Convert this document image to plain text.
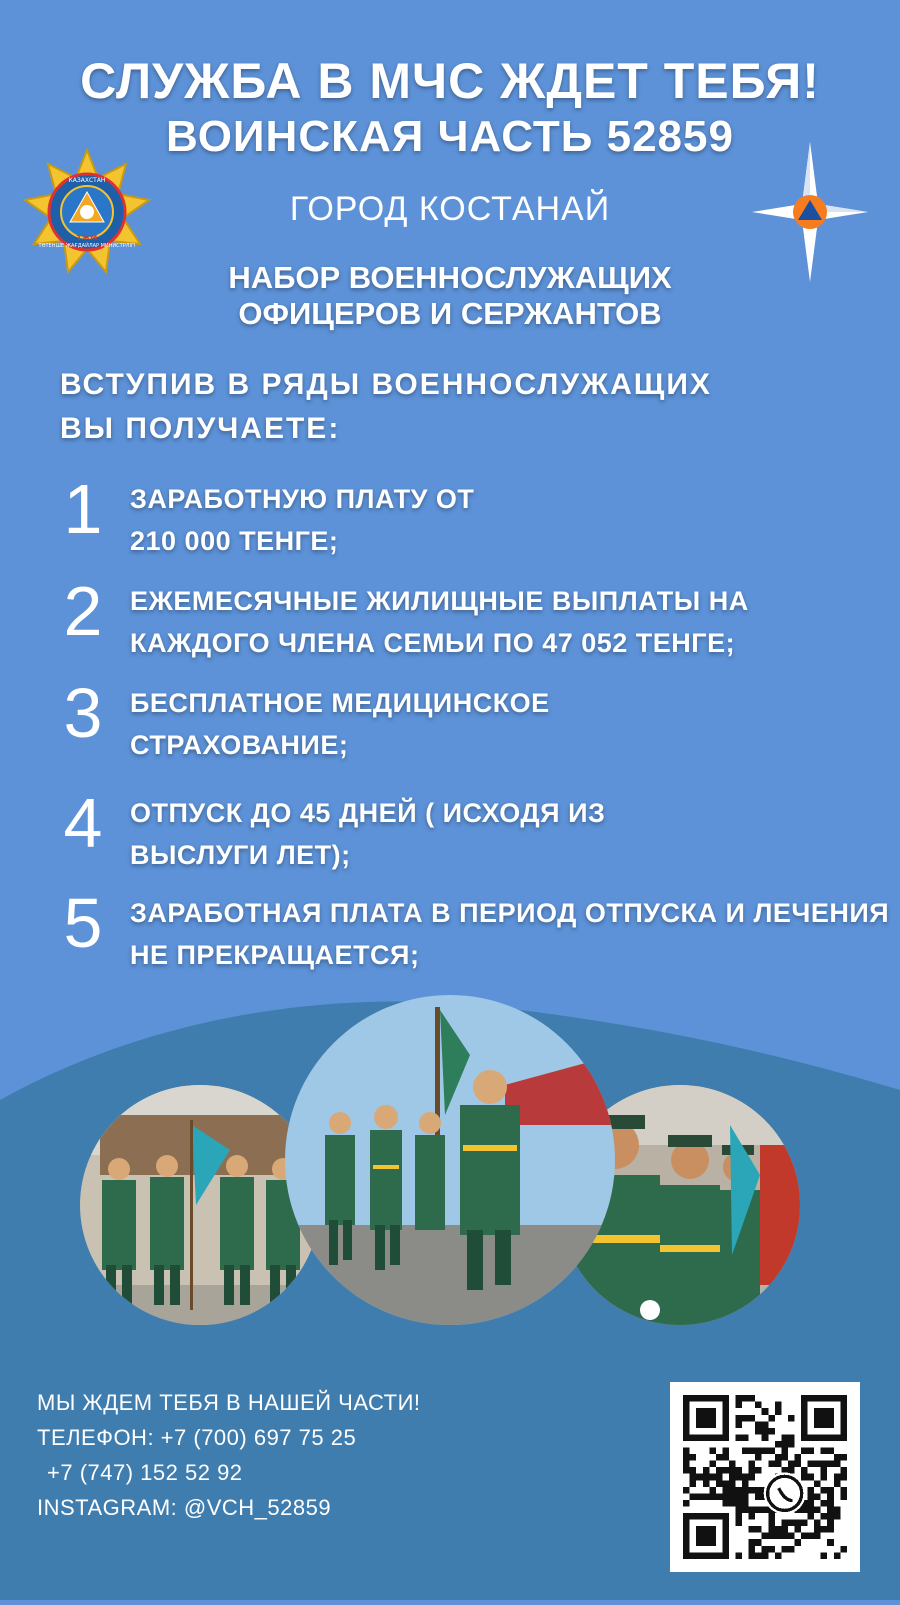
СЛУЖБА В МЧС ЖДЕТ ТЕБЯ!
ВОИНСКАЯ ЧАСТЬ 52859
ГОРОД КОСТАНАЙ
НАБОР ВОЕННОСЛУЖАЩИХ
ОФИЦЕРОВ И СЕРЖАНТОВ
КАЗАХСТАН
ТӨТЕНШЕ ЖАҒДАЙЛАР МИНИСТРЛІГІ
ТЖМ
ВСТУПИВ В РЯДЫ ВОЕННОСЛУЖАЩИХ
ВЫ ПОЛУЧАЕТЕ:
1 ЗАРАБОТНУЮ ПЛАТУ ОТ
210 000 ТЕНГЕ;
2 ЕЖЕМЕСЯЧНЫЕ ЖИЛИЩНЫЕ ВЫПЛАТЫ НА
КАЖДОГО ЧЛЕНА СЕМЬИ ПО 47 052 ТЕНГЕ;
3 БЕСПЛАТНОЕ МЕДИЦИНСКОЕ
СТРАХОВАНИЕ;
4 ОТПУСК ДО 45 ДНЕЙ ( ИСХОДЯ ИЗ
ВЫСЛУГИ ЛЕТ);
5 ЗАРАБОТНАЯ ПЛАТА В ПЕРИОД ОТПУСКА И ЛЕЧЕНИЯ
НЕ ПРЕКРАЩАЕТСЯ;
МЫ ЖДЕМ ТЕБЯ В НАШЕЙ ЧАСТИ!
ТЕЛЕФОН: +7 (700) 697 75 25
+7 (747) 152 52 92
INSTAGRAM: @VCH_52859
